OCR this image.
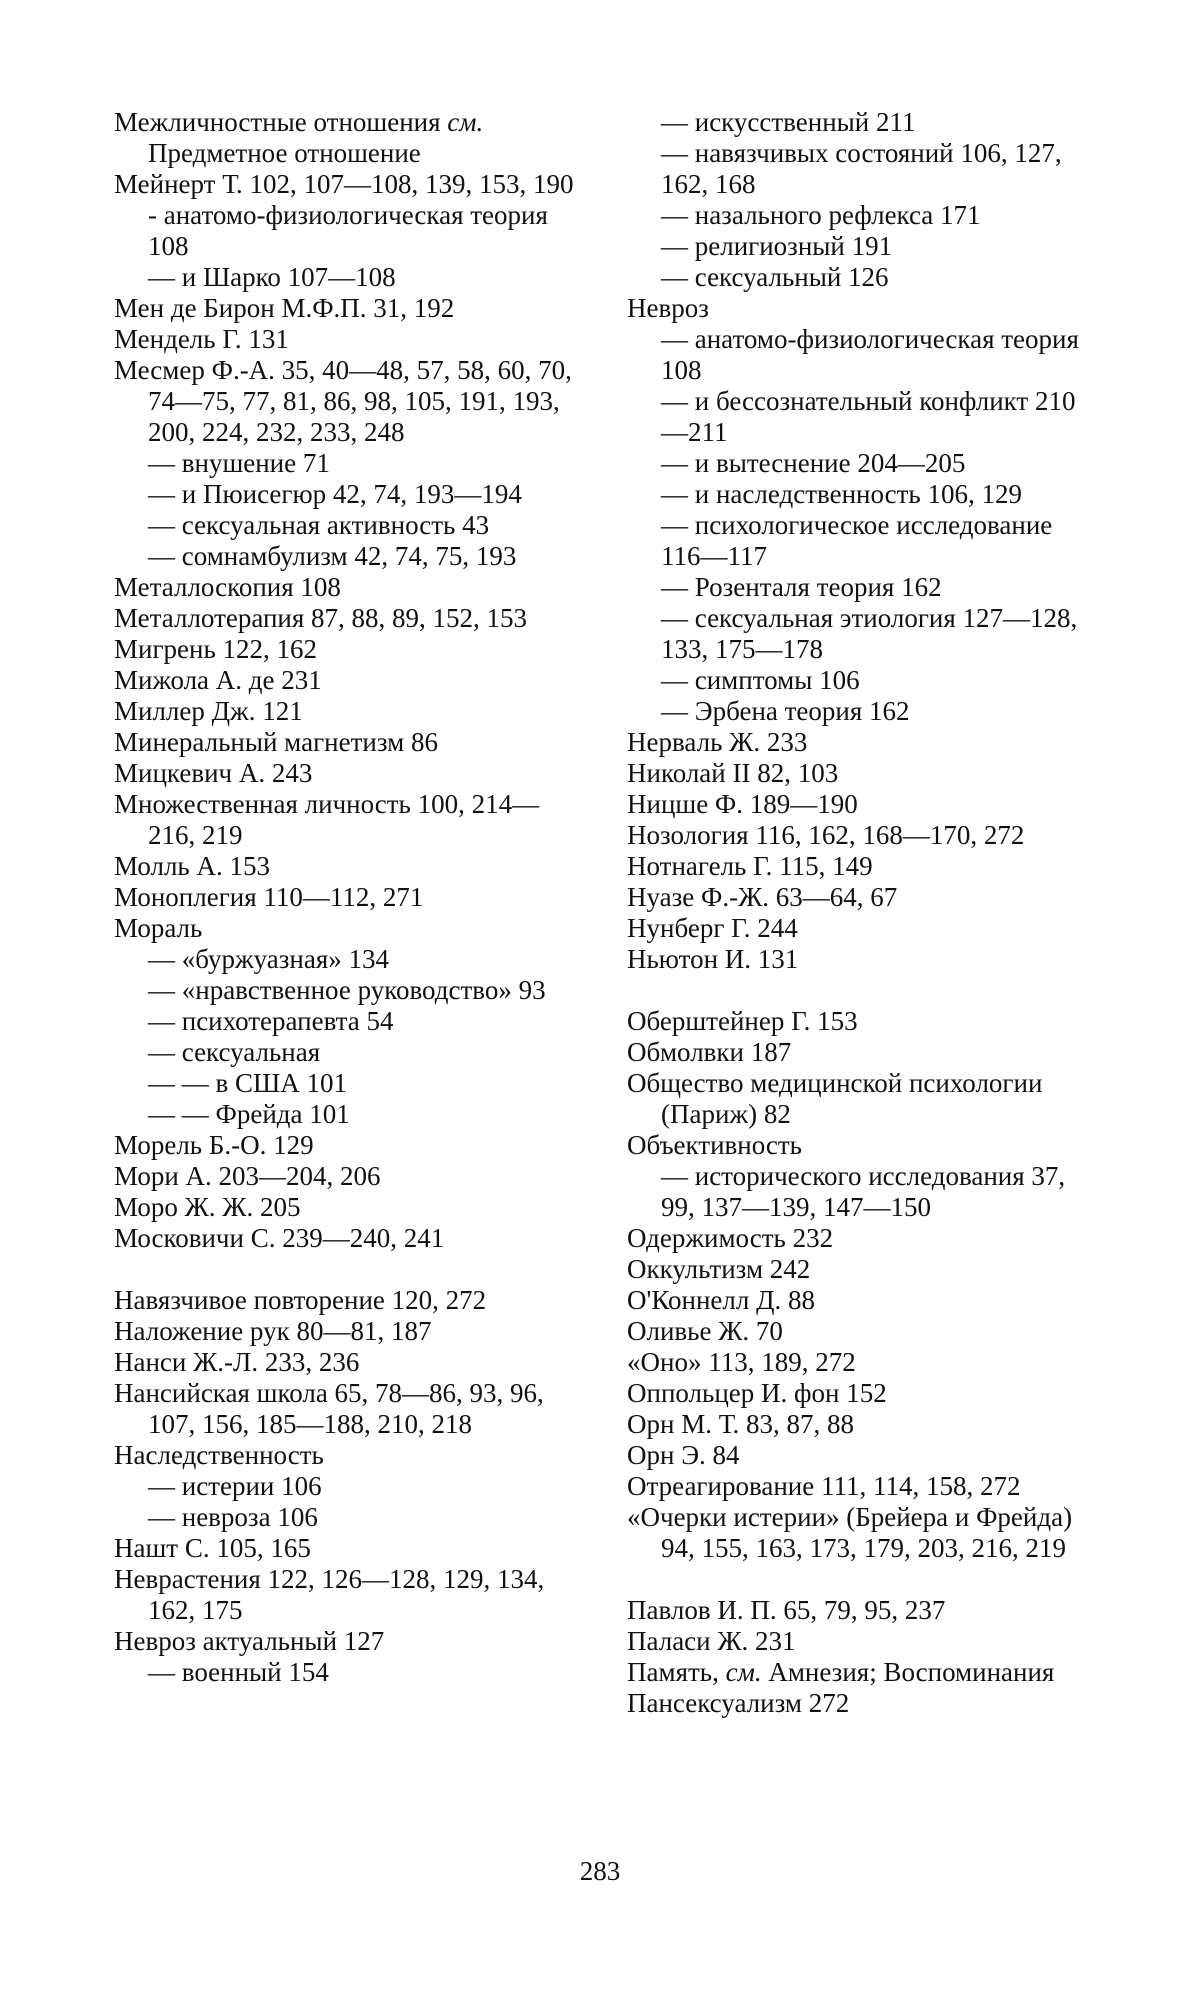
Межличностные отношения см. Предметное отношение
Мейнерт Т. 102, 107—108, 139, 153, 190
- анатомо-физиологическая теория 108
— и Шарко 107—108
Мен де Бирон М.Ф.П. 31, 192
Мендель Г. 131
Месмер Ф.-А. 35, 40—48, 57, 58, 60, 70, 74—75, 77, 81, 86, 98, 105, 191, 193, 200, 224, 232, 233, 248
— внушение 71
— и Пюисегюр 42, 74, 193—194
— сексуальная активность 43
— сомнамбулизм 42, 74, 75, 193
Металлоскопия 108
Металлотерапия 87, 88, 89, 152, 153
Мигрень 122, 162
Мижола А. де 231
Миллер Дж. 121
Минеральный магнетизм 86
Мицкевич А. 243
Множественная личность 100, 214—216, 219
Молль А. 153
Моноплегия 110—112, 271
Мораль
— «буржуазная» 134
— «нравственное руководство» 93
— психотерапевта 54
— сексуальная
— — в США 101
— — Фрейда 101
Морель Б.-О. 129
Мори А. 203—204, 206
Моро Ж. Ж. 205
Московичи С. 239—240, 241
Навязчивое повторение 120, 272
Наложение рук 80—81, 187
Нанси Ж.-Л. 233, 236
Нансийская школа 65, 78—86, 93, 96, 107, 156, 185—188, 210, 218
Наследственность
— истерии 106
— невроза 106
Нашт С. 105, 165
Неврастения 122, 126—128, 129, 134, 162, 175
Невроз актуальный 127
— военный 154
— искусственный 211
— навязчивых состояний 106, 127, 162, 168
— назального рефлекса 171
— религиозный 191
— сексуальный 126
Невроз
— анатомо-физиологическая теория 108
— и бессознательный конфликт 210—211
— и вытеснение 204—205
— и наследственность 106, 129
— психологическое исследование 116—117
— Розенталя теория 162
— сексуальная этиология 127—128, 133, 175—178
— симптомы 106
— Эрбена теория 162
Нерваль Ж. 233
Николай II 82, 103
Ницше Ф. 189—190
Нозология 116, 162, 168—170, 272
Нотнагель Г. 115, 149
Нуазе Ф.-Ж. 63—64, 67
Нунберг Г. 244
Ньютон И. 131
Оберштейнер Г. 153
Обмолвки 187
Общество медицинской психологии (Париж) 82
Объективность
— исторического исследования 37, 99, 137—139, 147—150
Одержимость 232
Оккультизм 242
О'Коннелл Д. 88
Оливье Ж. 70
«Оно» 113, 189, 272
Оппольцер И. фон 152
Орн М. Т. 83, 87, 88
Орн Э. 84
Отреагирование 111, 114, 158, 272
«Очерки истерии» (Брейера и Фрейда) 94, 155, 163, 173, 179, 203, 216, 219
Павлов И. П. 65, 79, 95, 237
Паласи Ж. 231
Память, см. Амнезия; Воспоминания
Пансексуализм 272
283
